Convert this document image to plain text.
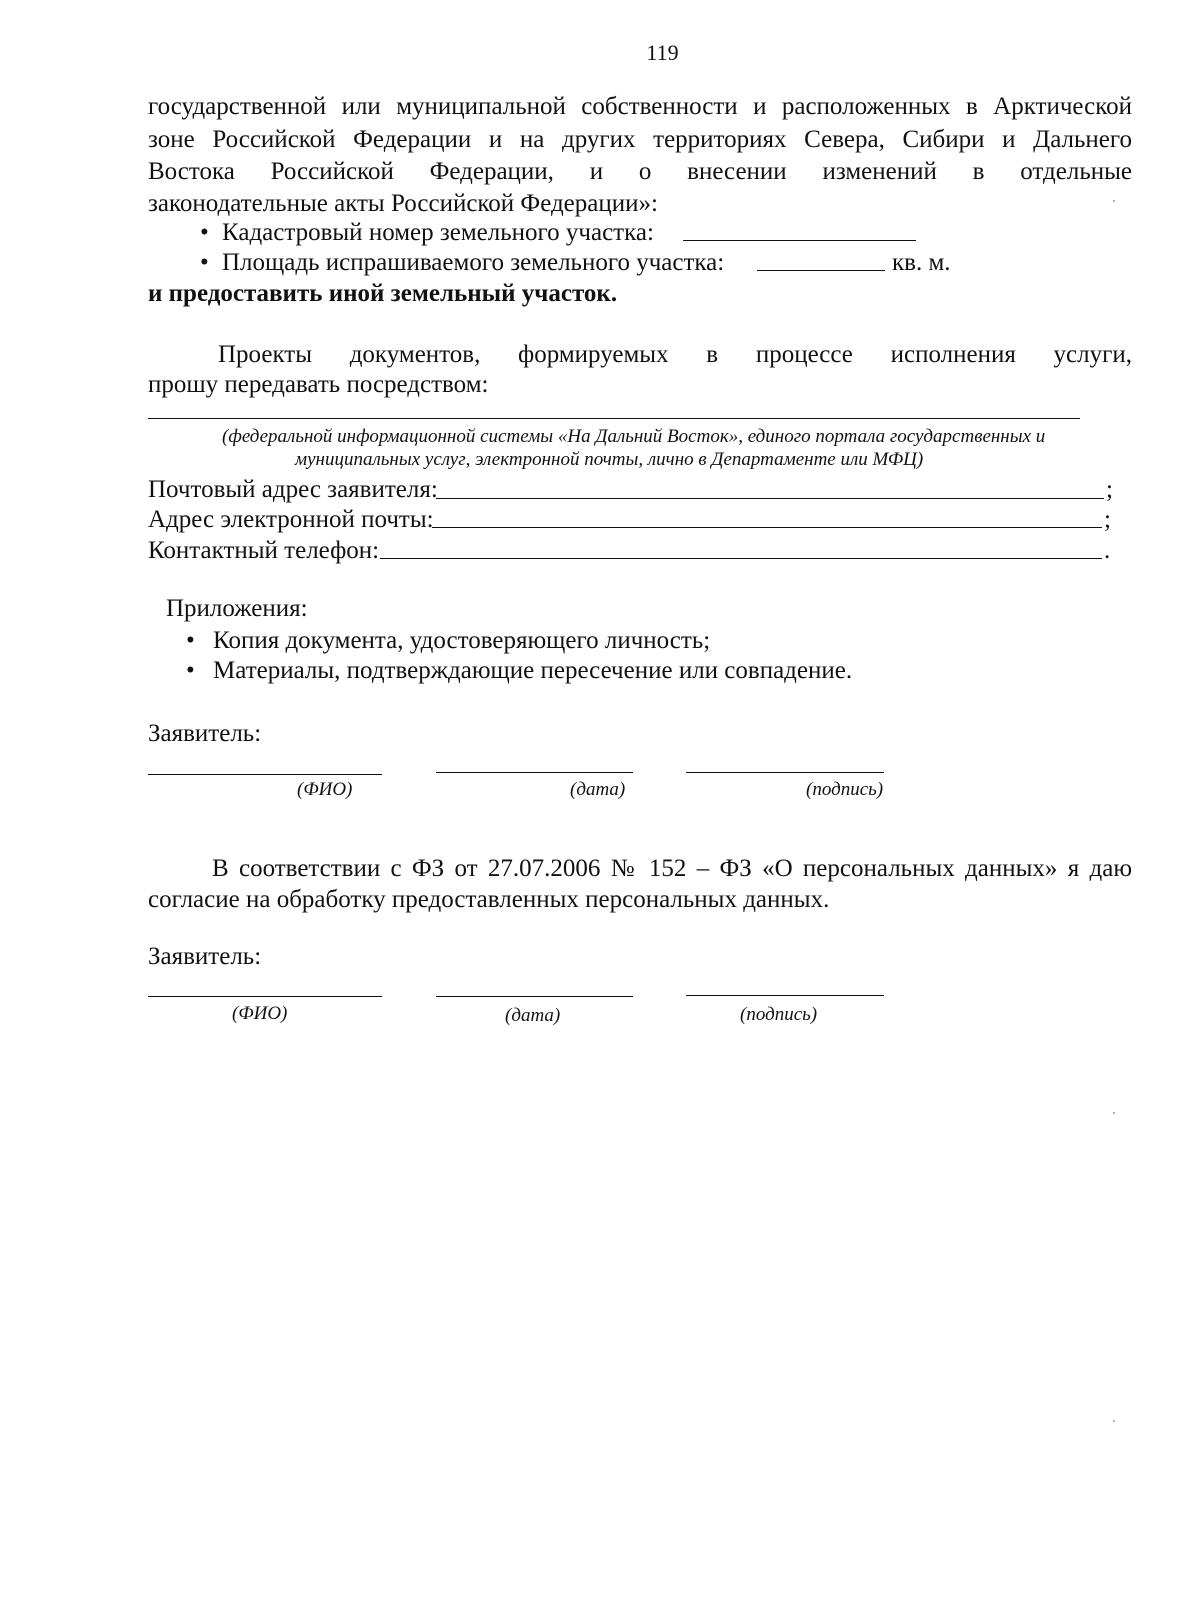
119
государственной или муниципальной собственности и расположенных в Арктической
зоне Российской Федерации и на других территориях Севера, Сибири и Дальнего
Востока Российской Федерации, и о внесении изменений в отдельные
законодательные акты Российской Федерации»:
• Кадастровый номер земельного участка:
• Площадь испрашиваемого земельного участка:	кв. м.
и предоставить иной земельный участок.
Проекты документов, формируемых в процессе исполнения услуги,
прошу передавать посредством:
(федеральной информационной системы «На Дальний Восток», единого портала государственных и
муниципальных услуг, электронной почты, лично в Департаменте или МФЦ)
Почтовый адрес заявителя:	;
Адрес электронной почты:	;
Контактный телефон:	.
Приложения:
• Копия документа, удостоверяющего личность;
• Материалы, подтверждающие пересечение или совпадение.
Заявитель:
(ФИО)	(дата)	(подпись)
В соответствии с ФЗ от 27.07.2006 № 152 – ФЗ «О персональных данных» я даю
согласие на обработку предоставленных персональных данных.
Заявитель:
(ФИО)	(дата)	(подпись)
